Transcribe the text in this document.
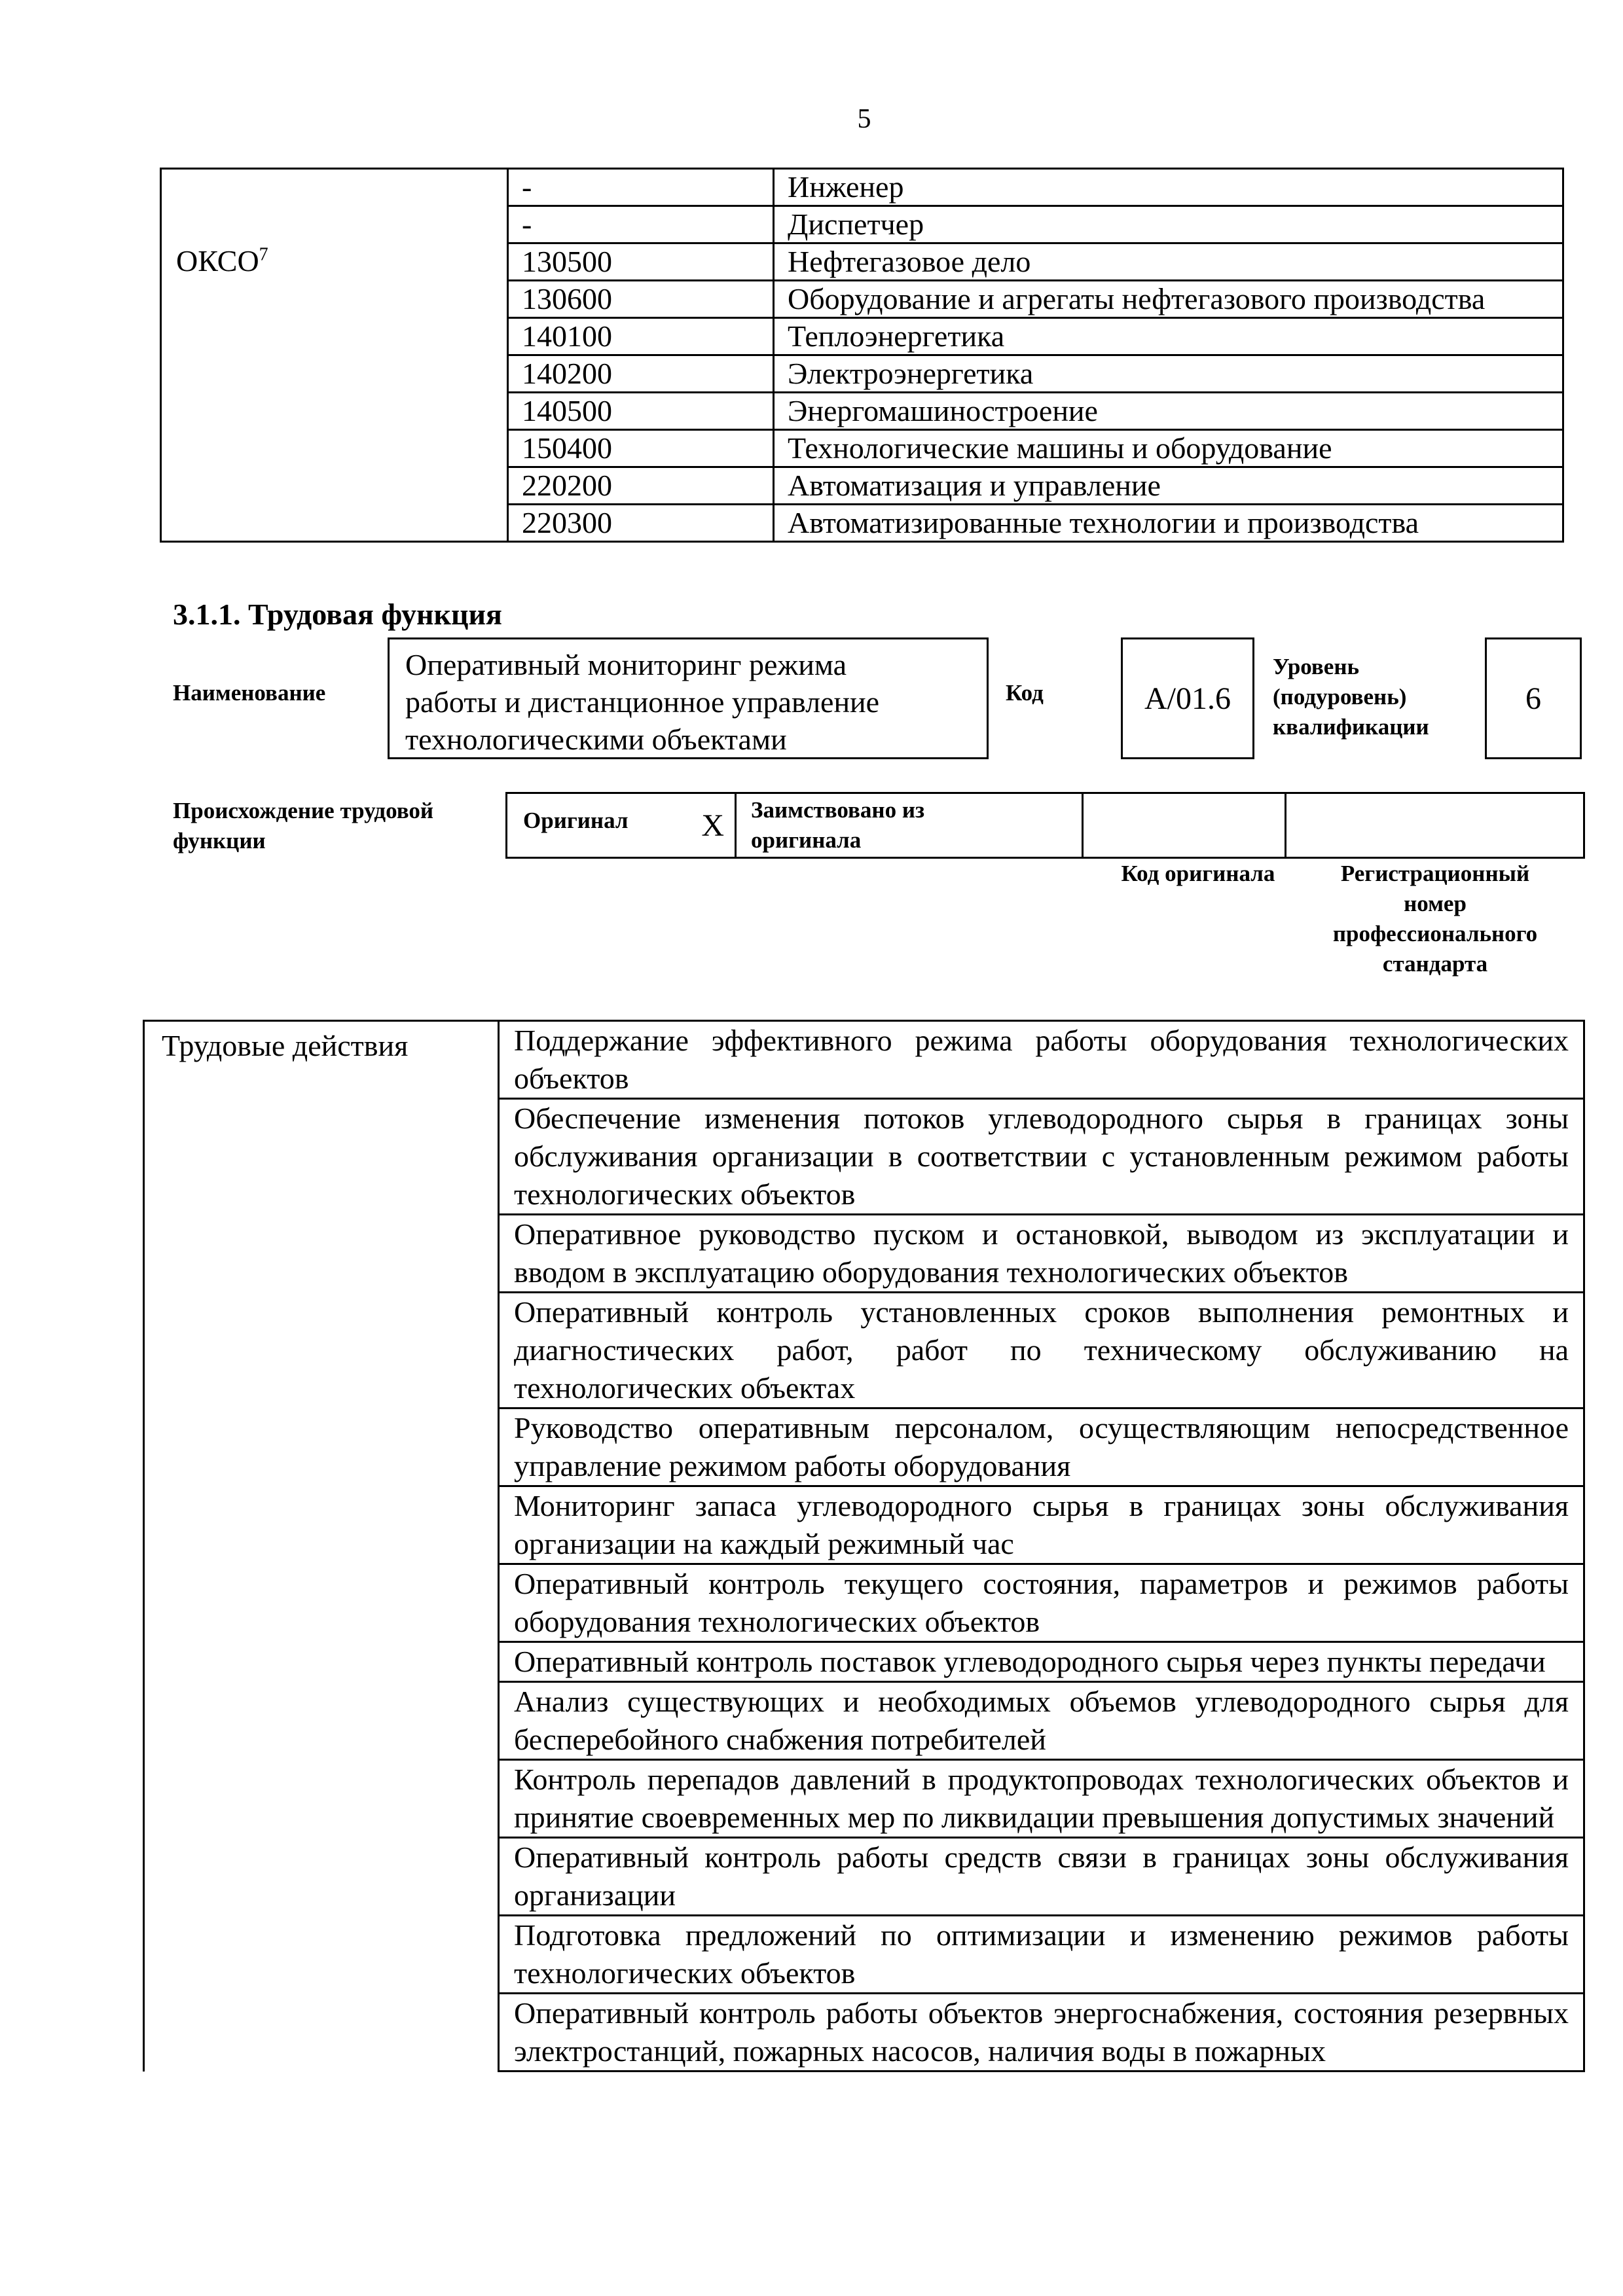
5
	-	Инженер
	-	Диспетчер
ОКСО$^7$	130500	Нефтегазовое дело
	130600	Оборудование и агрегаты нефтегазового производства
	140100	Теплоэнергетика
	140200	Электроэнергетика
	140500	Энергомашиностроение
	150400	Технологические машины и оборудование
	220200	Автоматизация и управление
	220300	Автоматизированные технологии и производства
3.1.1. Трудовая функция
Наименование
Оперативный мониторинг режима
работы и дистанционное управление
технологическими объектами
Код	A/01.6
Уровень
(подуровень)
квалификации
6
Происхождение трудовой
функции
Оригинал X	Заимствовано из
оригинала

Код оригинала	Регистрационный
номер
профессионального
стандарта
Трудовые действия	Поддержание эффективного режима работы оборудования технологических объектов
Обеспечение изменения потоков углеводородного сырья в границах зоны обслуживания организации в соответствии с установленным режимом работы технологических объектов
Оперативное руководство пуском и остановкой, выводом из эксплуатации и вводом в эксплуатацию оборудования технологических объектов
Оперативный контроль установленных сроков выполнения ремонтных и диагностических работ, работ по техническому обслуживанию на технологических объектах
Руководство оперативным персоналом, осуществляющим непосредственное управление режимом работы оборудования
Мониторинг запаса углеводородного сырья в границах зоны обслуживания организации на каждый режимный час
Оперативный контроль текущего состояния, параметров и режимов работы оборудования технологических объектов
Оперативный контроль поставок углеводородного сырья через пункты передачи
Анализ существующих и необходимых объемов углеводородного сырья для бесперебойного снабжения потребителей
Контроль перепадов давлений в продуктопроводах технологических объектов и принятие своевременных мер по ликвидации превышения допустимых значений
Оперативный контроль работы средств связи в границах зоны обслуживания организации
Подготовка предложений по оптимизации и изменению режимов работы технологических объектов
Оперативный контроль работы объектов энергоснабжения, состояния резервных электростанций, пожарных насосов, наличия воды в пожарных
